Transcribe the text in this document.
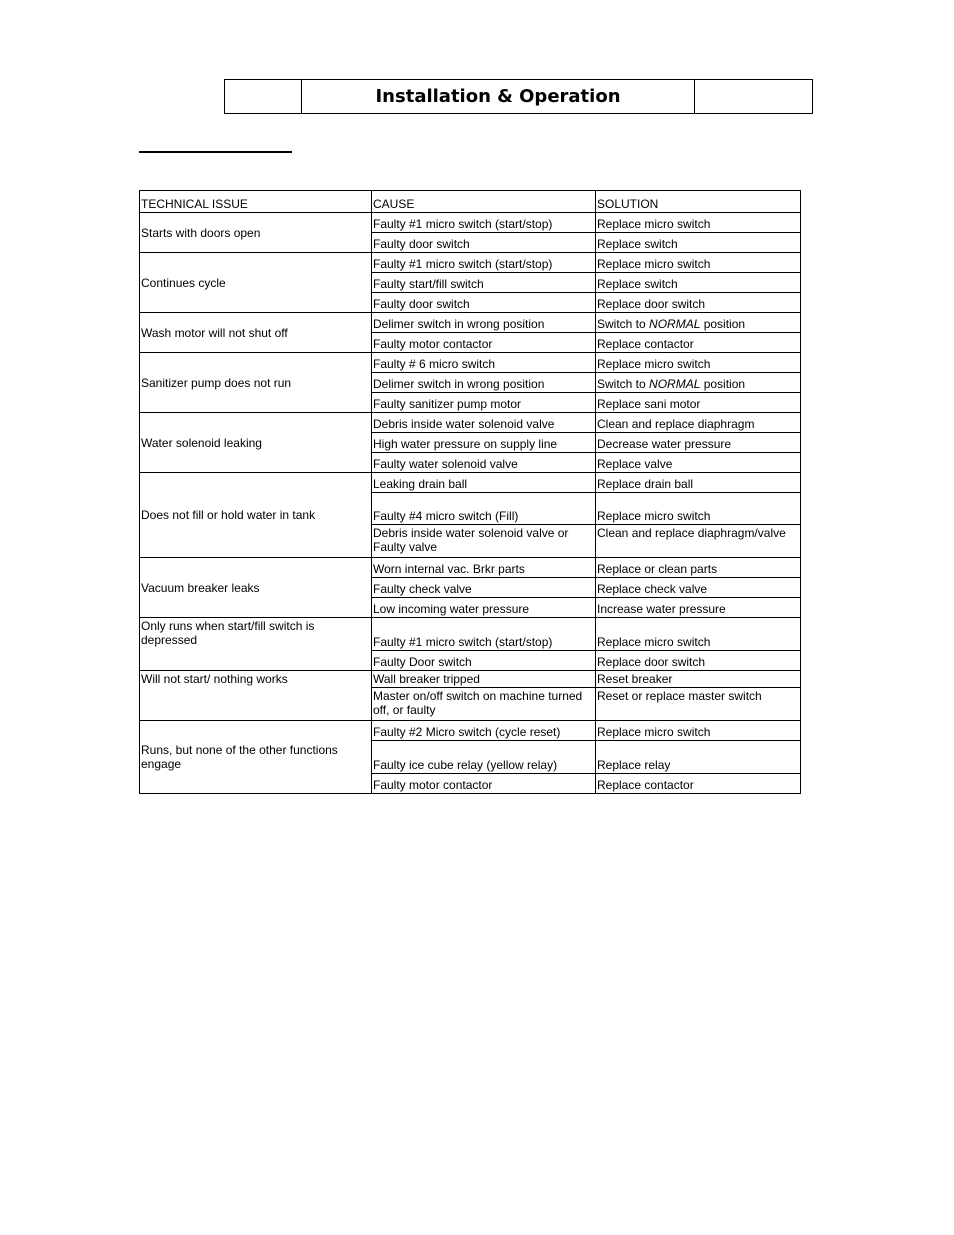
Installation & Operation
TECHNICAL ISSUE	CAUSE	SOLUTION
Starts with doors open	Faulty #1 micro switch (start/stop)	Replace micro switch
	Faulty door switch	Replace switch
Continues cycle	Faulty #1 micro switch (start/stop)	Replace micro switch
	Faulty start/fill switch	Replace switch
	Faulty door switch	Replace door switch
Wash motor will not shut off	Delimer switch in wrong position	Switch to NORMAL position
	Faulty motor contactor	Replace contactor
Sanitizer pump does not run	Faulty # 6 micro switch	Replace micro switch
	Delimer switch in wrong position	Switch to NORMAL position
	Faulty sanitizer pump motor	Replace sani motor
Water solenoid leaking	Debris inside water solenoid valve	Clean and replace diaphragm
	High water pressure on supply line	Decrease water pressure
	Faulty water solenoid valve	Replace valve
Does not fill or hold water in tank	Leaking drain ball	Replace drain ball
	Faulty #4 micro switch (Fill)	Replace micro switch
	Debris inside water solenoid valve or Faulty valve	Clean and replace diaphragm/valve
Vacuum breaker leaks	Worn internal vac. Brkr parts	Replace or clean parts
	Faulty check valve	Replace check valve
	Low incoming water pressure	Increase water pressure
Only runs when start/fill switch is depressed	Faulty #1 micro switch (start/stop)	Replace micro switch
	Faulty Door switch	Replace door switch
Will not start/ nothing works	Wall breaker tripped	Reset breaker
	Master on/off switch on machine turned off, or faulty	Reset or replace master switch
Runs, but none of the other functions engage	Faulty #2 Micro switch (cycle reset)	Replace micro switch
	Faulty ice cube relay (yellow relay)	Replace relay
	Faulty motor contactor	Replace contactor
